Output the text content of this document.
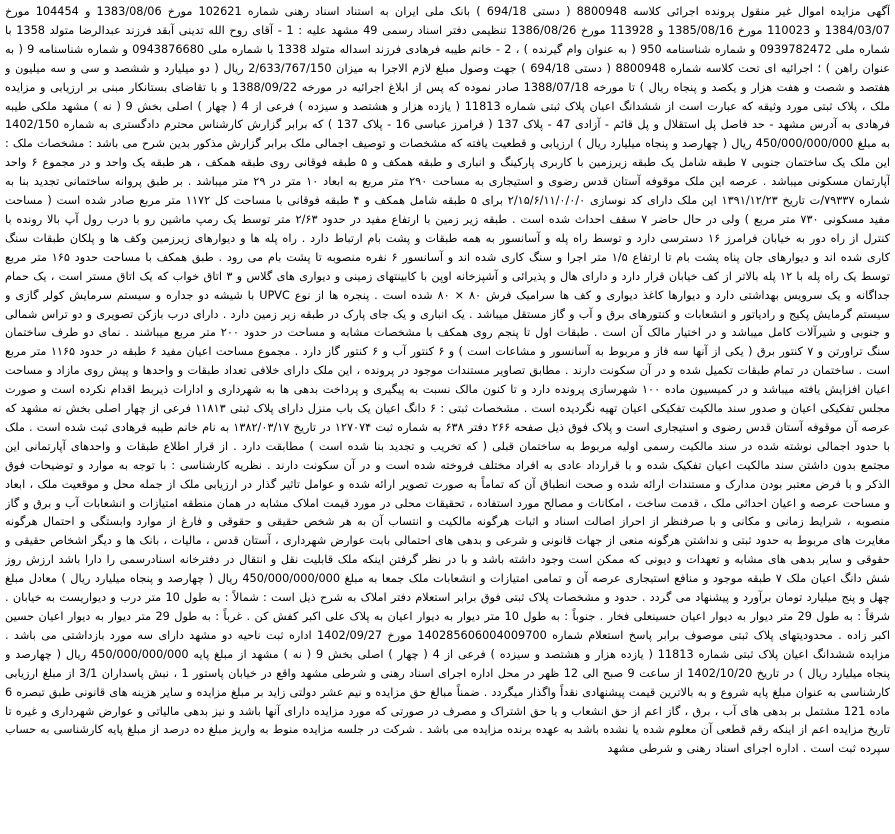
آگهی مزایده اموال غیر منقول پرونده اجرائی کلاسه 8800948 ( دستی 694/18 ) بانک ملی ایران به استناد اسناد رهنی شماره 102621 مورخ 1383/08/06 و 104454 مورخ 1384/03/07 و 110023 مورخ 1385/08/16 و 113928 مورخ 1386/08/26 تنظیمی دفتر اسناد رسمی 49 مشهد علیه : 1 - آقای روح الله تدینی آبقد فرزند عبدالرضا متولد 1358 با شماره ملی 0939782472 و شماره شناسنامه 950 ( به عنوان وام گیرنده ) ، 2 - خانم طیبه فرهادی فرزند اسداله متولد 1338 با شماره ملی 0943876680 و شماره شناسنامه 9 ( به عنوان راهن ) ؛ اجرائیه ای تحت کلاسه شماره 8800948 ( دستی 694/18 ) جهت وصول مبلغ لازم الاجرا به میزان 2/633/767/150 ریال ( دو میلیارد و ششصد و سی و سه میلیون و هفتصد و شصت و هفت هزار و یکصد و پنجاه ریال ) تا مورخه 1388/07/18 صادر نموده که پس از ابلاغ اجرائیه در مورخه 1388/09/22 و با تقاضای بستانکار مبنی بر ارزیابی و مزایده ملک ، پلاک ثبتی مورد وثیقه که عبارت است از ششدانگ اعیان پلاک ثبتی شماره 11813 ( یازده هزار و هشتصد و سیزده ) فرعی از 4 ( چهار ) اصلی بخش 9 ( نه ) مشهد ملکی طیبه فرهادی به آدرس مشهد - حد فاصل پل استقلال و پل قائم - آزادی 47 - پلاک 137 ( فرامرز عباسی 16 - پلاک 137 ) که برابر گزارش کارشناس محترم دادگستری به شماره 1402/150 به مبلغ 450/000/000/000 ریال ( چهارصد و پنجاه میلیارد ریال ) ارزیابی و قطعیت یافته که مشخصات و توصیف اجمالی ملک برابر گزارش مذکور بدین شرح می باشد : مشخصات ملک : این ملک یک ساختمان جنوبی ۷ طبقه شامل یک طبقه زیرزمین با کاربری پارکینگ و انباری و طبقه همکف و ۵ طبقه فوقانی روی طبقه همکف ، هر طبقه یک واحد و در مجموع ۶ واحد آپارتمان مسکونی میباشد . عرصه این ملک موقوفه آستان قدس رضوی و استیجاری به مساحت ۲۹۰ متر مربع به ابعاد ۱۰ متر در ۲۹ متر میباشد . بر طبق پروانه ساختمانی تجدید بنا به شماره ۷۹۳۳۷/ت تاریخ ۱۳۹۱/۱۲/۲۳ این ملک دارای کد نوسازی ۲/۱۵/۶/۱۱/۰/۰/۰ برای ۵ طبقه شامل همکف و ۴ طبقه فوقانی با مساحت کل ۱۱۷۲ متر مربع صادر شده است ( مساحت مفید مسکونی ۷۳۰ متر مربع ) ولی در حال حاضر ۷ سقف احداث شده است . طبقه زیر زمین با ارتفاع مفید در حدود ۲/۶۳ متر توسط یک رمپ ماشین رو با درب رول آپ بالا رونده با کنترل از راه دور به خیابان فرامرز ۱۶ دسترسی دارد و توسط راه پله و آسانسور به همه طبقات و پشت بام ارتباط دارد . راه پله ها و دیوارهای زیرزمین وکف ها و پلکان طبقات سنگ کاری شده اند و دیوارهای جان پناه پشت بام تا ارتفاع ۱/۵ متر اجرا و سنگ کاری شده اند و آسانسور ۶ نفره منصوبه تا پشت بام می رود . طبق همکف با مساحت حدود ۱۶۵ متر مربع توسط یک راه پله با ۱۲ پله بالاتر از کف خیابان قرار دارد و دارای هال و پذیرائی و آشپزخانه اوپن با کابینتهای زمینی و دیواری های گلاس و ۳ اتاق خواب که یک اتاق مستر است ، یک حمام جداگانه و یک سرویس بهداشتی دارد و دیوارها کاغذ دیواری و کف ها سرامیک فرش ۸۰ × ۸۰ شده است . پنجره ها از نوع UPVC با شیشه دو جداره و سیستم سرمایش کولر گازی و سیستم گرمایش پکیج و رادیاتور و انشعابات و کنتورهای برق و آب و گاز مستقل میباشد . یک انباری و یک جای پارک در طبقه زیر زمین دارد . دارای درب بازکن تصویری و دو تراس شمالی و جنوبی و شیرآلات کامل میباشد و در اختیار مالک آن است . طبقات اول تا پنجم روی همکف با مشخصات مشابه و مساحت در حدود ۲۰۰ متر مربع میباشند . نمای دو طرف ساختمان سنگ تراورتن و ۷ کنتور برق ( یکی از آنها سه فاز و مربوط به آسانسور و مشاعات است ) و ۶ کنتور آب و ۶ کنتور گاز دارد . مجموع مساحت اعیان مفید ۶ طبقه در حدود ۱۱۶۵ متر مربع است . ساختمان در تمام طبقات تکمیل شده و در آن سکونت دارند . مطابق تصاویر مستندات موجود در پرونده ، این ملک دارای خلافی تعداد طبقات و واحدها و پیش روی مازاد و مساحت اعیان افزایش یافته میباشد و در کمیسیون ماده ۱۰۰ شهرسازی پرونده دارد و تا کنون مالک نسبت به پیگیری و پرداخت بدهی ها به شهرداری و ادارات ذیربط اقدام نکرده است و صورت مجلس تفکیکی اعیان و صدور سند مالکیت تفکیکی اعیان تهیه نگردیده است . مشخصات ثبتی : ۶ دانگ اعیان یک باب منزل دارای پلاک ثبتی ۱۱۸۱۳ فرعی از چهار اصلی بخش نه مشهد که عرصه آن موقوفه آستان قدس رضوی و استیجاری است و پلاک فوق ذیل صفحه ۲۶۶ دفتر ۶۳۸ به شماره ثبت ۱۲۷۰۷۴ در تاریخ ۱۳۸۲/۰۳/۱۷ به نام خانم طیبه فرهادی ثبت شده است . ملک با حدود اجمالی نوشته شده در سند مالکیت رسمی اولیه مربوط به ساختمان قبلی ( که تخریب و تجدید بنا شده است ) مطابقت دارد . از قرار اطلاع طبقات و واحدهای آپارتمانی این مجتمع بدون داشتن سند مالکیت اعیان تفکیک شده و با قرارداد عادی به افراد مختلف فروخته شده است و در آن سکونت دارند . نظریه کارشناسی : با توجه به موارد و توضیحات فوق الذکر و با فرض معتبر بودن مدارک و مستندات ارائه شده و صحت انطباق آن که تماماً به صورت تصویر ارائه شده و عوامل تاثیر گذار در ارزیابی ملک از جمله محل و موقعیت ملک ، ابعاد و مساحت عرصه و اعیان احداثی ملک ، قدمت ساخت ، امکانات و مصالح مورد استفاده ، تحقیقات محلی در مورد قیمت املاک مشابه در همان منطقه امتیازات و انشعابات آب و برق و گاز منصوبه ، شرایط زمانی و مکانی و با صرفنظر از احراز اصالت اسناد و اثبات هرگونه مالکیت و انتساب آن به هر شخص حقیقی و حقوقی و فارغ از موارد وابستگی و احتمال هرگونه مغایرت های مربوط به حدود ثبتی و نداشتن هرگونه منعی از جهات قانونی و شرعی و بدهی های احتمالی بابت عوارض شهرداری ، آستان قدس ، مالیات ، بانک ها و دیگر اشخاص حقیقی و حقوقی و سایر بدهی های مشابه و تعهدات و دیونی که ممکن است وجود داشته باشد و با در نظر گرفتن اینکه ملک قابلیت نقل و انتقال در دفترخانه اسنادرسمی را دارا باشد ارزش روز شش دانگ اعیان ملک ۷ طبقه موجود و منافع استیجاری عرصه آن و تمامی امتیازات و انشعابات ملک جمعا به مبلغ 450/000/000/000 ریال ( چهارصد و پنجاه میلیارد ریال ) معادل مبلغ چهل و پنج میلیارد تومان برآورد و پیشنهاد می گردد . حدود و مشخصات پلاک ثبتی فوق برابر استعلام دفتر املاک به شرح ذیل است : شمالاً : به طول 10 متر درب و دیواریست به خیابان . شرقاً : به طول 29 متر دیوار به دیوار اعیان حسینعلی فخار . جنوباً : به طول 10 متر دیوار به دیوار اعیان به پلاک علی اکبر کفش کن . غرباً : به طول 29 متر دیوار به دیوار اعیان حسین اکبر زاده . محدودیتهای پلاک ثبتی موصوف برابر پاسخ استعلام شماره 140285606004009700 مورخ 1402/09/27 اداره ثبت ناحیه دو مشهد دارای سه مورد بازداشتی می باشد . مزایده ششدانگ اعیان پلاک ثبتی شماره 11813 ( یازده هزار و هشتصد و سیزده ) فرعی از 4 ( چهار ) اصلی بخش 9 ( نه ) مشهد از مبلغ پایه 450/000/000/000 ریال ( چهارصد و پنجاه میلیارد ریال ) در تاریخ 1402/10/20 از ساعت 9 صبح الی 12 ظهر در محل اداره اجرای اسناد رهنی و شرطی مشهد واقع در خیابان پاستور 1 ، نبش پاسداران 3/1 از مبلغ ارزیابی کارشناسی به عنوان مبلغ پایه شروع و به بالاترین قیمت پیشنهادی نقداً واگذار میگردد . ضمناً مبالغ حق مزایده و نیم عشر دولتی زاید بر مبلغ مزایده و سایر هزینه های قانونی طبق تبصره 6 ماده 121 مشتمل بر بدهی های آب ، برق ، گاز اعم از حق انشعاب و یا حق اشتراک و مصرف در صورتی که مورد مزایده دارای آنها باشد و نیز بدهی مالیاتی و عوارض شهرداری و غیره تا تاریخ مزایده اعم از اینکه رقم قطعی آن معلوم شده یا نشده باشد به عهده برنده مزایده می باشد . شرکت در جلسه مزایده منوط به واریز مبلغ ده درصد از مبلغ پایه کارشناسی به حساب سپرده ثبت است . اداره اجرای اسناد رهنی و شرطی مشهد
